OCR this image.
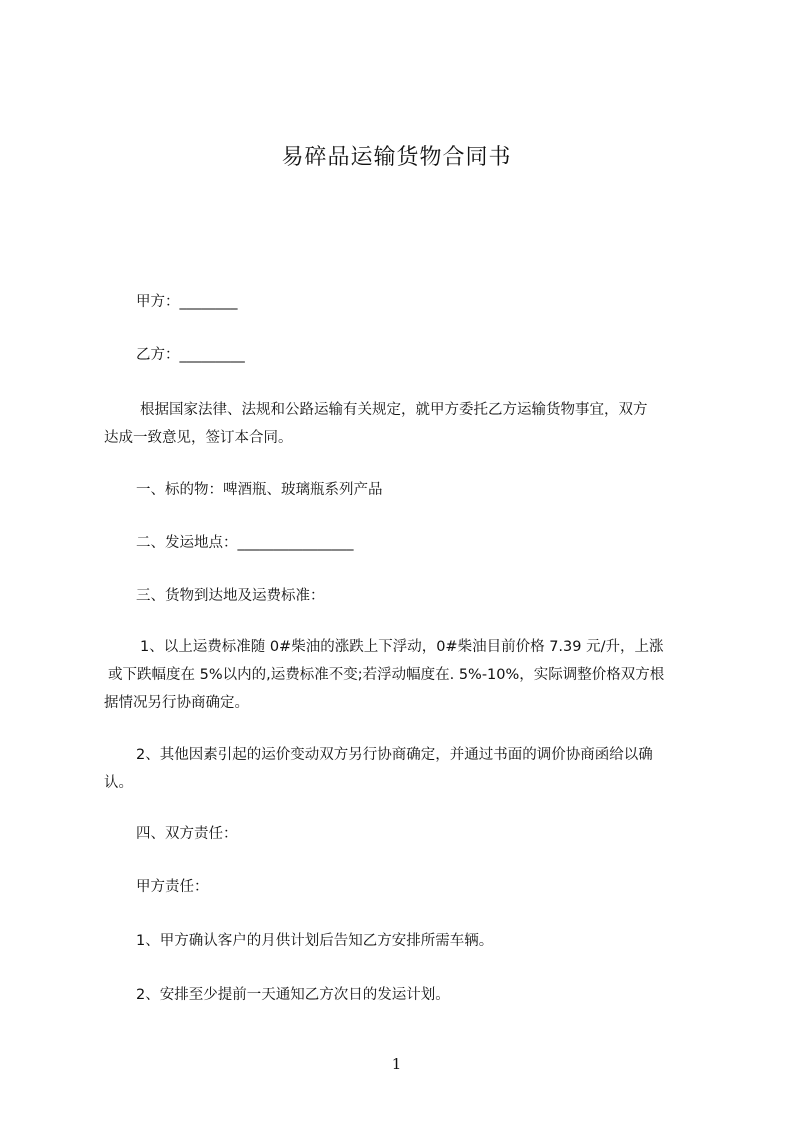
易碎品运输货物合同书
甲方：________
乙方：_________
根据国家法律、法规和公路运输有关规定，就甲方委托乙方运输货物事宜，双方
达成一致意见，签订本合同。
一、标的物：啤酒瓶、玻璃瓶系列产品
二、发运地点：________________
三、货物到达地及运费标准：
1、以上运费标准随 0#柴油的涨跌上下浮动，0#柴油目前价格 7.39 元/升，上涨
或下跌幅度在 5%以内的,运费标准不变;若浮动幅度在. 5%-10%，实际调整价格双方根
据情况另行协商确定。
2、其他因素引起的运价变动双方另行协商确定，并通过书面的调价协商函给以确
认。
四、双方责任：
甲方责任：
1、甲方确认客户的月供计划后告知乙方安排所需车辆。
2、安排至少提前一天通知乙方次日的发运计划。
1
